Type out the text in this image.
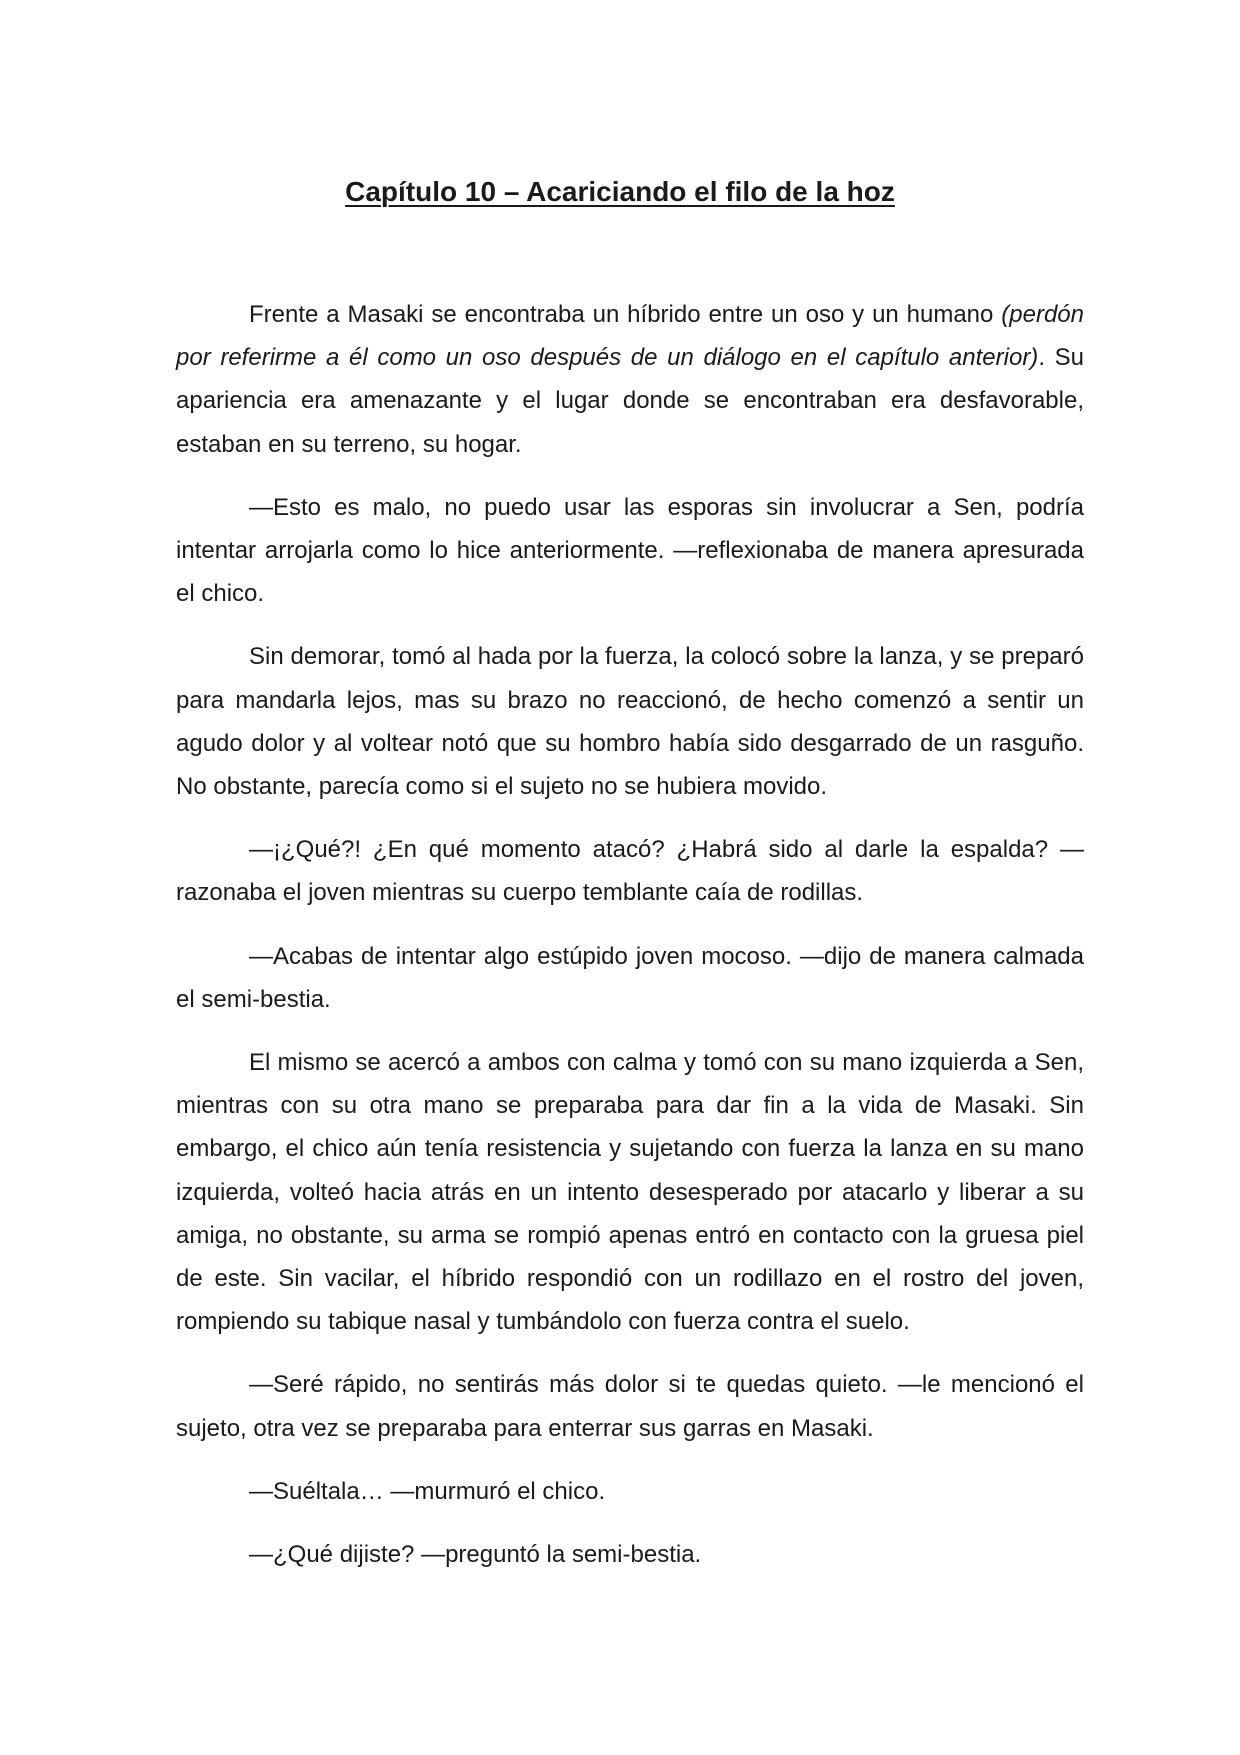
Capítulo 10 – Acariciando el filo de la hoz

Frente a Masaki se encontraba un híbrido entre un oso y un humano (perdón por referirme a él como un oso después de un diálogo en el capítulo anterior). Su apariencia era amenazante y el lugar donde se encontraban era desfavorable, estaban en su terreno, su hogar.

—Esto es malo, no puedo usar las esporas sin involucrar a Sen, podría intentar arrojarla como lo hice anteriormente. —reflexionaba de manera apresurada el chico.

Sin demorar, tomó al hada por la fuerza, la colocó sobre la lanza, y se preparó para mandarla lejos, mas su brazo no reaccionó, de hecho comenzó a sentir un agudo dolor y al voltear notó que su hombro había sido desgarrado de un rasguño. No obstante, parecía como si el sujeto no se hubiera movido.

—¡¿Qué?! ¿En qué momento atacó? ¿Habrá sido al darle la espalda? —razonaba el joven mientras su cuerpo temblante caía de rodillas.

—Acabas de intentar algo estúpido joven mocoso. —dijo de manera calmada el semi-bestia.

El mismo se acercó a ambos con calma y tomó con su mano izquierda a Sen, mientras con su otra mano se preparaba para dar fin a la vida de Masaki. Sin embargo, el chico aún tenía resistencia y sujetando con fuerza la lanza en su mano izquierda, volteó hacia atrás en un intento desesperado por atacarlo y liberar a su amiga, no obstante, su arma se rompió apenas entró en contacto con la gruesa piel de este. Sin vacilar, el híbrido respondió con un rodillazo en el rostro del joven, rompiendo su tabique nasal y tumbándolo con fuerza contra el suelo.

—Seré rápido, no sentirás más dolor si te quedas quieto. —le mencionó el sujeto, otra vez se preparaba para enterrar sus garras en Masaki.

—Suéltala… —murmuró el chico.

—¿Qué dijiste? —preguntó la semi-bestia.
